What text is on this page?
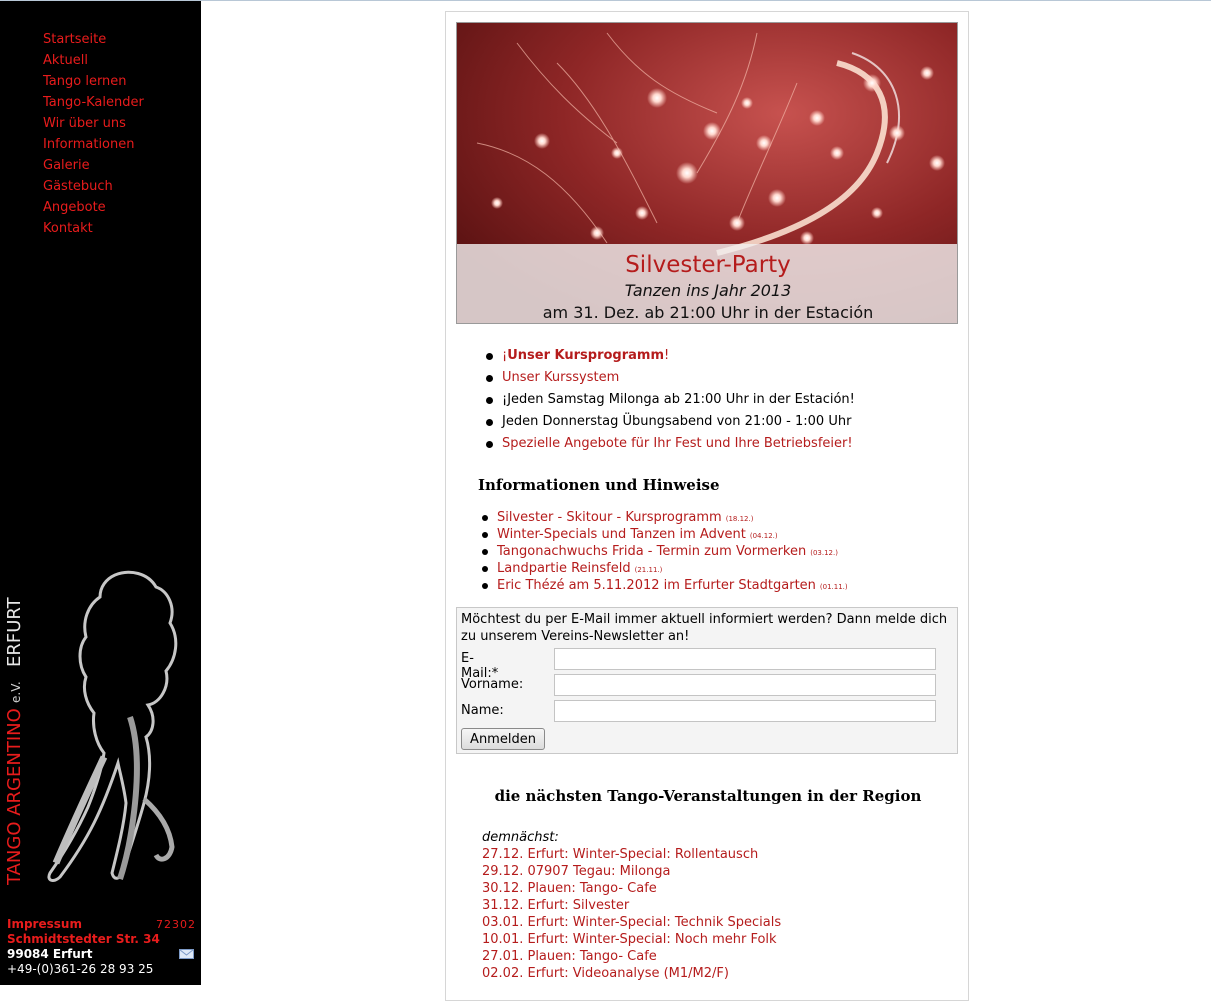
Startseite
Aktuell
Tango lernen
Tango-Kalender
Wir über uns
Informationen
Galerie
Gästebuch
Angebote
Kontakt
TANGO ARGENTINO
e.V.
ERFURT
Impressum	72302
Schmidtstedter Str. 34
99084 Erfurt
+49-(0)361-26 28 93 25
Silvester-Party
Tanzen ins Jahr 2013
am 31. Dez. ab 21:00 Uhr in der Estación
¡Unser Kursprogramm!
Unser Kurssystem
¡Jeden Samstag Milonga ab 21:00 Uhr in der Estación!
Jeden Donnerstag Übungsabend von 21:00 - 1:00 Uhr
Spezielle Angebote für Ihr Fest und Ihre Betriebsfeier!
Informationen und Hinweise
Silvester - Skitour - Kursprogramm (18.12.)
Winter-Specials und Tanzen im Advent (04.12.)
Tangonachwuchs Frida - Termin zum Vormerken (03.12.)
Landpartie Reinsfeld (21.11.)
Eric Thézé am 5.11.2012 im Erfurter Stadtgarten (01.11.)
Möchtest du per E-Mail immer aktuell informiert werden? Dann melde dich zu unserem Vereins-Newsletter an!
E-Mail:*
Vorname:
Name:
Anmelden
die nächsten Tango-Veranstaltungen in der Region
demnächst:
27.12. Erfurt: Winter-Special: Rollentausch
29.12. 07907 Tegau: Milonga
30.12. Plauen: Tango- Cafe
31.12. Erfurt: Silvester
03.01. Erfurt: Winter-Special: Technik Specials
10.01. Erfurt: Winter-Special: Noch mehr Folk
27.01. Plauen: Tango- Cafe
02.02. Erfurt: Videoanalyse (M1/M2/F)
